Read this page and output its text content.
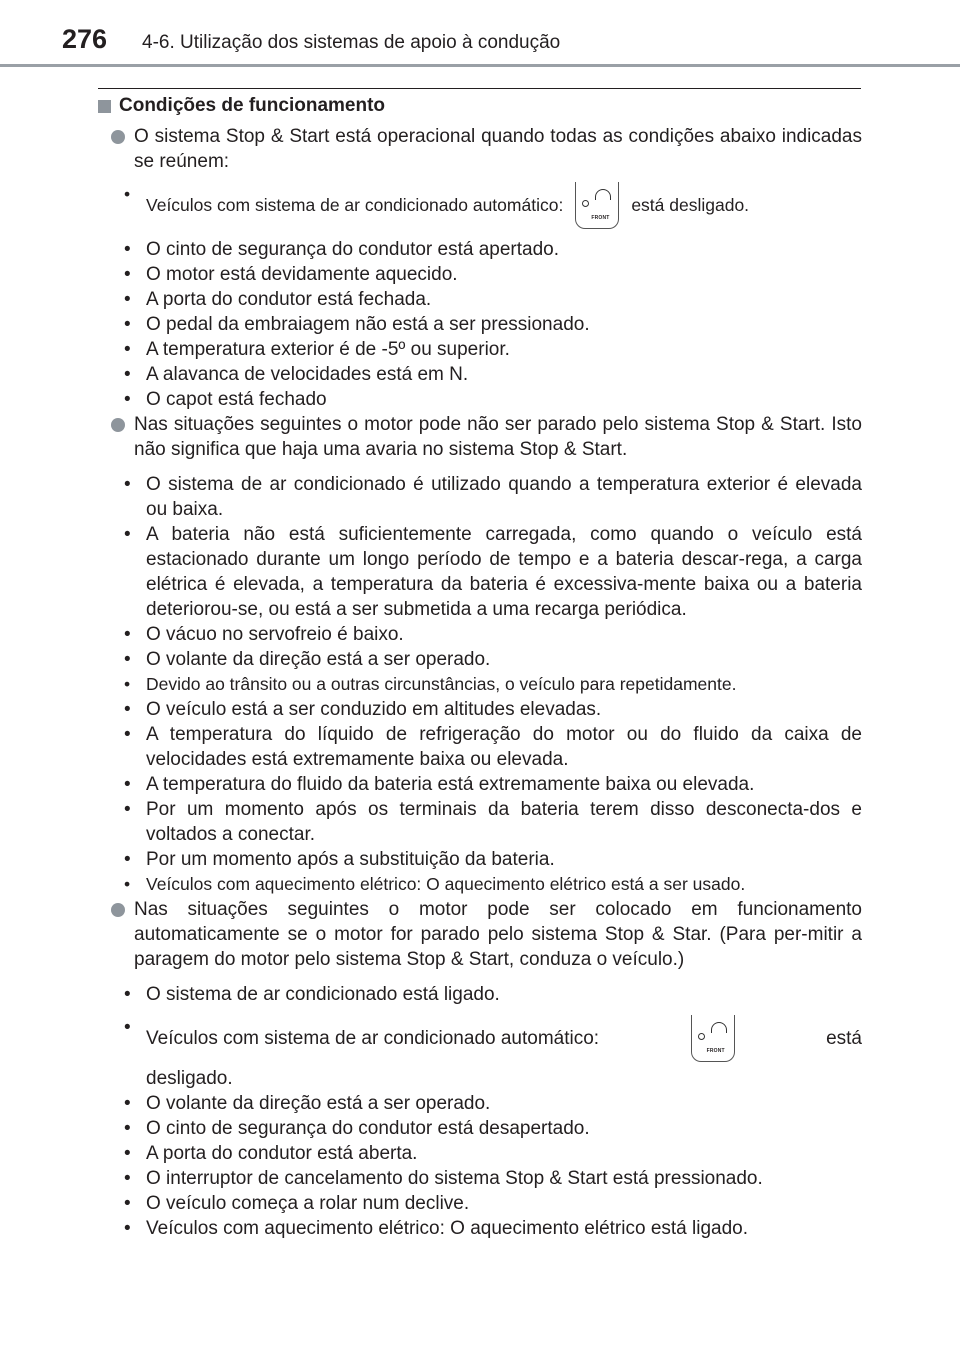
276 4-6. Utilização dos sistemas de apoio à condução
Condições de funcionamento
O sistema Stop & Start está operacional quando todas as condições abaixo indicadas se reúnem:
• Veículos com sistema de ar condicionado automático:
FRONT
está desligado.
• O cinto de segurança do condutor está apertado.
• O motor está devidamente aquecido.
• A porta do condutor está fechada.
• O pedal da embraiagem não está a ser pressionado.
• A temperatura exterior é de -5º ou superior.
• A alavanca de velocidades está em N.
• O capot está fechado
Nas situações seguintes o motor pode não ser parado pelo sistema Stop & Start. Isto não significa que haja uma avaria no sistema Stop & Start.
• O sistema de ar condicionado é utilizado quando a temperatura exterior é elevada ou baixa.
• A bateria não está suficientemente carregada, como quando o veículo está estacionado durante um longo período de tempo e a bateria descar-rega, a carga elétrica é elevada, a temperatura da bateria é excessiva-mente baixa ou a bateria deteriorou-se, ou está a ser submetida a uma recarga periódica.
• O vácuo no servofreio é baixo.
• O volante da direção está a ser operado.
• Devido ao trânsito ou a outras circunstâncias, o veículo para repetidamente.
• O veículo está a ser conduzido em altitudes elevadas.
• A temperatura do líquido de refrigeração do motor ou do fluido da caixa de velocidades está extremamente baixa ou elevada.
• A temperatura do fluido da bateria está extremamente baixa ou elevada.
• Por um momento após os terminais da bateria terem disso desconecta-dos e voltados a conectar.
• Por um momento após a substituição da bateria.
• Veículos com aquecimento elétrico: O aquecimento elétrico está a ser usado.
Nas situações seguintes o motor pode ser colocado em funcionamento automaticamente se o motor for parado pelo sistema Stop & Star. (Para per-mitir a paragem do motor pelo sistema Stop & Start, conduza o veículo.)
• O sistema de ar condicionado está ligado.
• Veículos com sistema de ar condicionado automático:
FRONT
está
desligado.
• O volante da direção está a ser operado.
• O cinto de segurança do condutor está desapertado.
• A porta do condutor está aberta.
• O interruptor de cancelamento do sistema Stop & Start está pressionado.
• O veículo começa a rolar num declive.
• Veículos com aquecimento elétrico: O aquecimento elétrico está ligado.
